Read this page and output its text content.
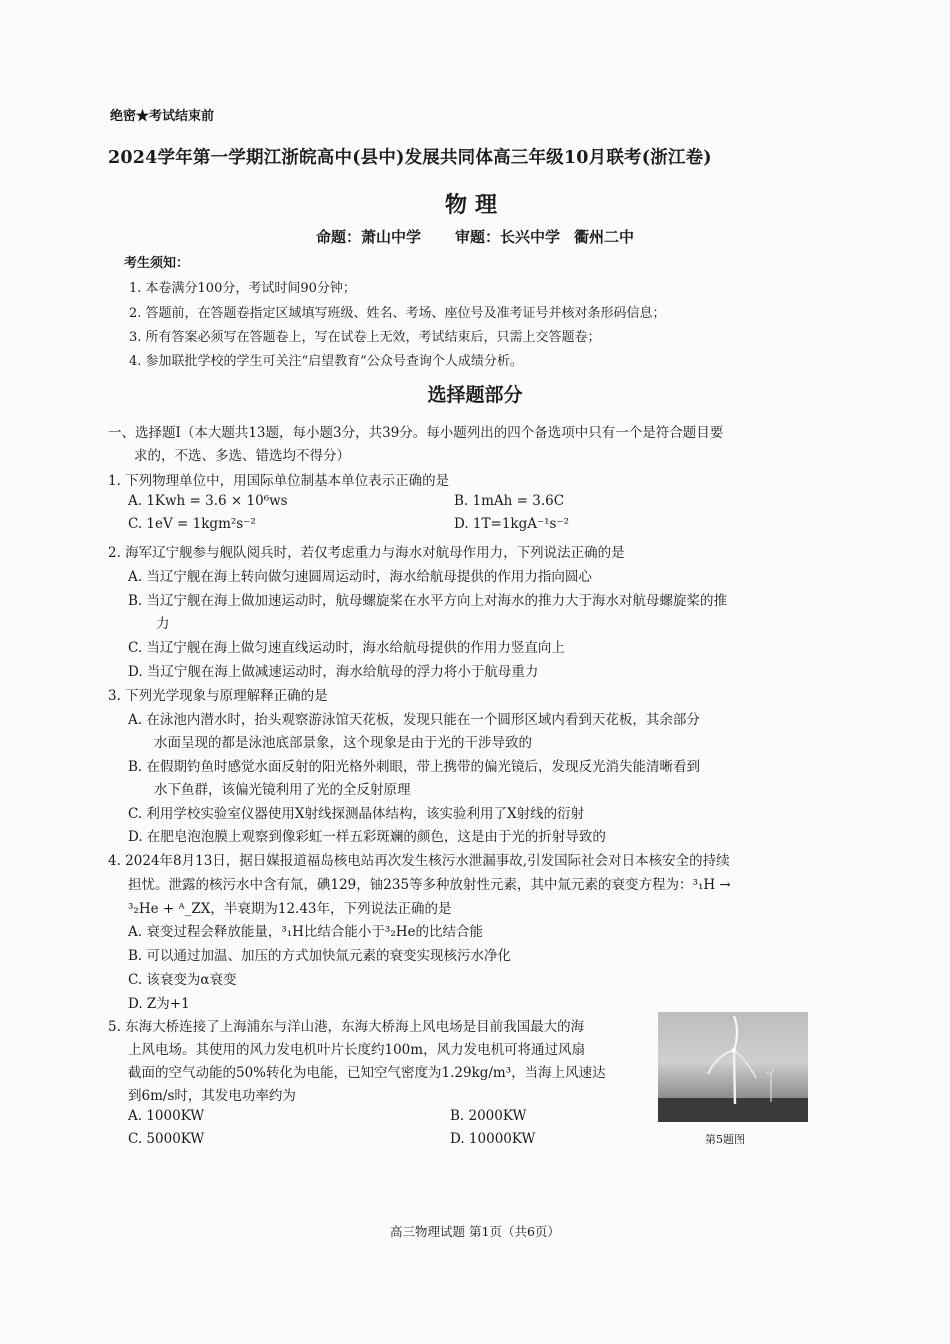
绝密★考试结束前
2024学年第一学期江浙皖高中(县中)发展共同体高三年级10月联考(浙江卷)
物理
命题：萧山中学 审题：长兴中学 衢州二中
考生须知：
1. 本卷满分100分，考试时间90分钟；
2. 答题前，在答题卷指定区域填写班级、姓名、考场、座位号及准考证号并核对条形码信息；
3. 所有答案必须写在答题卷上，写在试卷上无效，考试结束后，只需上交答题卷；
4. 参加联批学校的学生可关注“启望教育”公众号查询个人成绩分析。
选择题部分
一、选择题I（本大题共13题，每小题3分，共39分。每小题列出的四个备选项中只有一个是符合题目要
求的，不选、多选、错选均不得分）
1. 下列物理单位中，用国际单位制基本单位表示正确的是
A. 1Kwh = 3.6 × 10⁶ws	B. 1mAh = 3.6C
C. 1eV = 1kgm²s⁻²	D. 1T=1kgA⁻¹s⁻²
2. 海军辽宁舰参与舰队阅兵时，若仅考虑重力与海水对航母作用力，下列说法正确的是
A. 当辽宁舰在海上转向做匀速圆周运动时，海水给航母提供的作用力指向圆心
B. 当辽宁舰在海上做加速运动时，航母螺旋桨在水平方向上对海水的推力大于海水对航母螺旋桨的推
力
C. 当辽宁舰在海上做匀速直线运动时，海水给航母提供的作用力竖直向上
D. 当辽宁舰在海上做减速运动时，海水给航母的浮力将小于航母重力
3. 下列光学现象与原理解释正确的是
A. 在泳池内潜水时，抬头观察游泳馆天花板，发现只能在一个圆形区域内看到天花板，其余部分
水面呈现的都是泳池底部景象，这个现象是由于光的干涉导致的
B. 在假期钓鱼时感觉水面反射的阳光格外刺眼，带上携带的偏光镜后，发现反光消失能清晰看到
水下鱼群，该偏光镜利用了光的全反射原理
C. 利用学校实验室仪器使用X射线探测晶体结构，该实验利用了X射线的衍射
D. 在肥皂泡泡膜上观察到像彩虹一样五彩斑斓的颜色，这是由于光的折射导致的
4. 2024年8月13日，据日媒报道福岛核电站再次发生核污水泄漏事故,引发国际社会对日本核安全的持续
担忧。泄露的核污水中含有氚，碘129，铀235等多种放射性元素，其中氚元素的衰变方程为：³₁H →
³₂He + ᴬ_ZX，半衰期为12.43年，下列说法正确的是
A. 衰变过程会释放能量，³₁H比结合能小于³₂He的比结合能
B. 可以通过加温、加压的方式加快氚元素的衰变实现核污水净化
C. 该衰变为α衰变
D. Z为+1
5. 东海大桥连接了上海浦东与洋山港，东海大桥海上风电场是目前我国最大的海
上风电场。其使用的风力发电机叶片长度约100m，风力发电机可将通过风扇
截面的空气动能的50%转化为电能，已知空气密度为1.29kg/m³，当海上风速达
到6m/s时，其发电功率约为
A. 1000KW	B. 2000KW
C. 5000KW	D. 10000KW	第5题图
高三物理试题 第1页（共6页）
